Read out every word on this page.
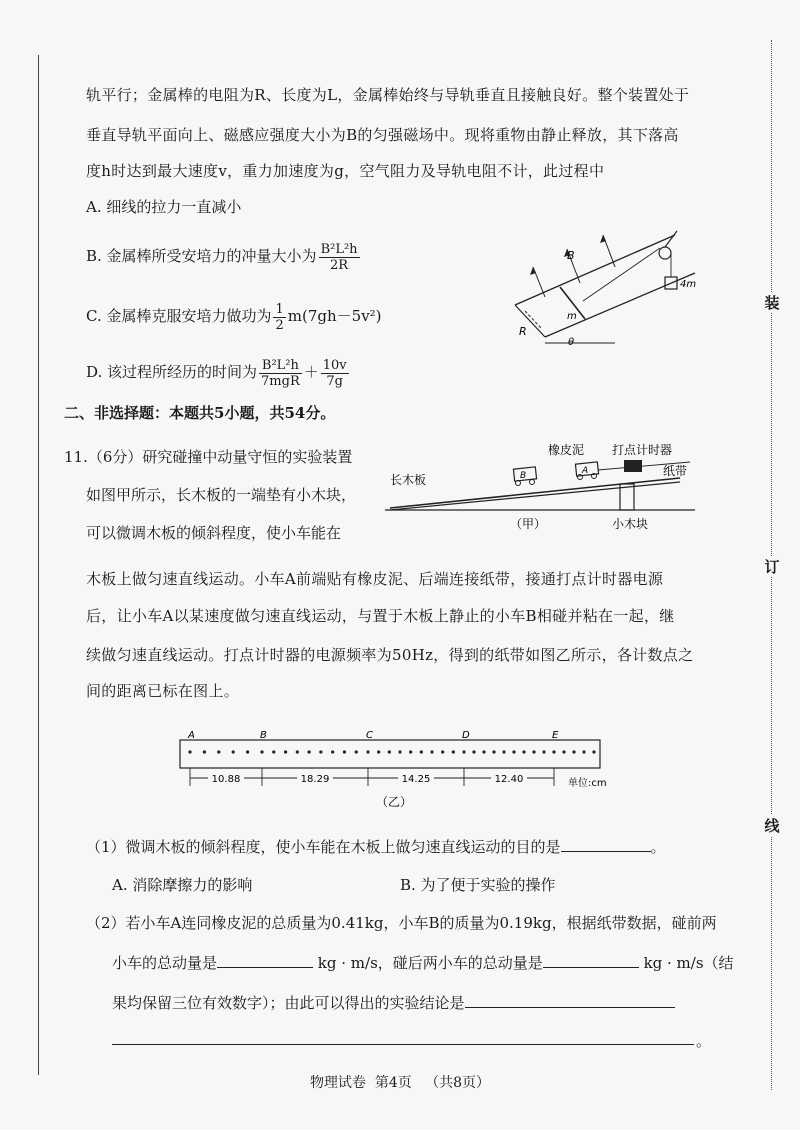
装
订
线
轨平行；金属棒的电阻为R、长度为L，金属棒始终与导轨垂直且接触良好。整个装置处于
垂直导轨平面向上、磁感应强度大小为B的匀强磁场中。现将重物由静止释放，其下落高
度h时达到最大速度v，重力加速度为g，空气阻力及导轨电阻不计，此过程中
A. 细线的拉力一直减小
B. 金属棒所受安培力的冲量大小为 $\frac{\text{B²L²h}}{2R}$
C. 金属棒克服安培力做功为 $\frac{1}{2} m(7gh-5v^2)$
D. 该过程所经历的时间为 $\frac{\text{B²L²h}}{\text{7mgR}} + \frac{10v}{7g}$
B
4m
m
R
θ
二、非选择题：本题共5小题，共54分。
11.（6分）研究碰撞中动量守恒的实验装置
如图甲所示，长木板的一端垫有小木块，
可以微调木板的倾斜程度，使小车能在
B	A
长木板
橡皮泥 打点计时器
纸带
小木块
（甲）
木板上做匀速直线运动。小车A前端贴有橡皮泥、后端连接纸带，接通打点计时器电源
后，让小车A以某速度做匀速直线运动，与置于木板上静止的小车B相碰并粘在一起，继
续做匀速直线运动。打点计时器的电源频率为50Hz，得到的纸带如图乙所示，各计数点之
间的距离已标在图上。
A	B	C	D	E
10.88	18.29	14.25	12.40	单位:cm
（乙）
（1）微调木板的倾斜程度，使小车能在木板上做匀速直线运动的目的是	。
A. 消除摩擦力的影响	B. 为了便于实验的操作
（2）若小车A连同橡皮泥的总质量为0.41kg，小车B的质量为0.19kg，根据纸带数据，碰前两
小车的总动量是	kg · m/s，碰后两小车的总动量是	kg · m/s（结
果均保留三位有效数字）；由此可以得出的实验结论是
。
物理试卷 第4页 （共8页）
